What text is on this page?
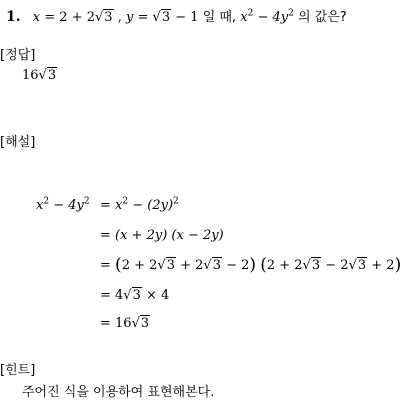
1. x = 2 + 2√3 , y = √3 − 1 일 때, $x^2 - 4y^2$ 의 값은?
[정답]
16√3
[해설]
$x^2 - 4y^2 = x^2 - (2y)^2$
= (x + 2y) (x − 2y)
= (2 + 2√3 + 2√3 − 2) (2 + 2√3 − 2√3 + 2)
= 4√3 × 4
= 16√3
[힌트]
주어진 식을 이용하여 표현해본다.
